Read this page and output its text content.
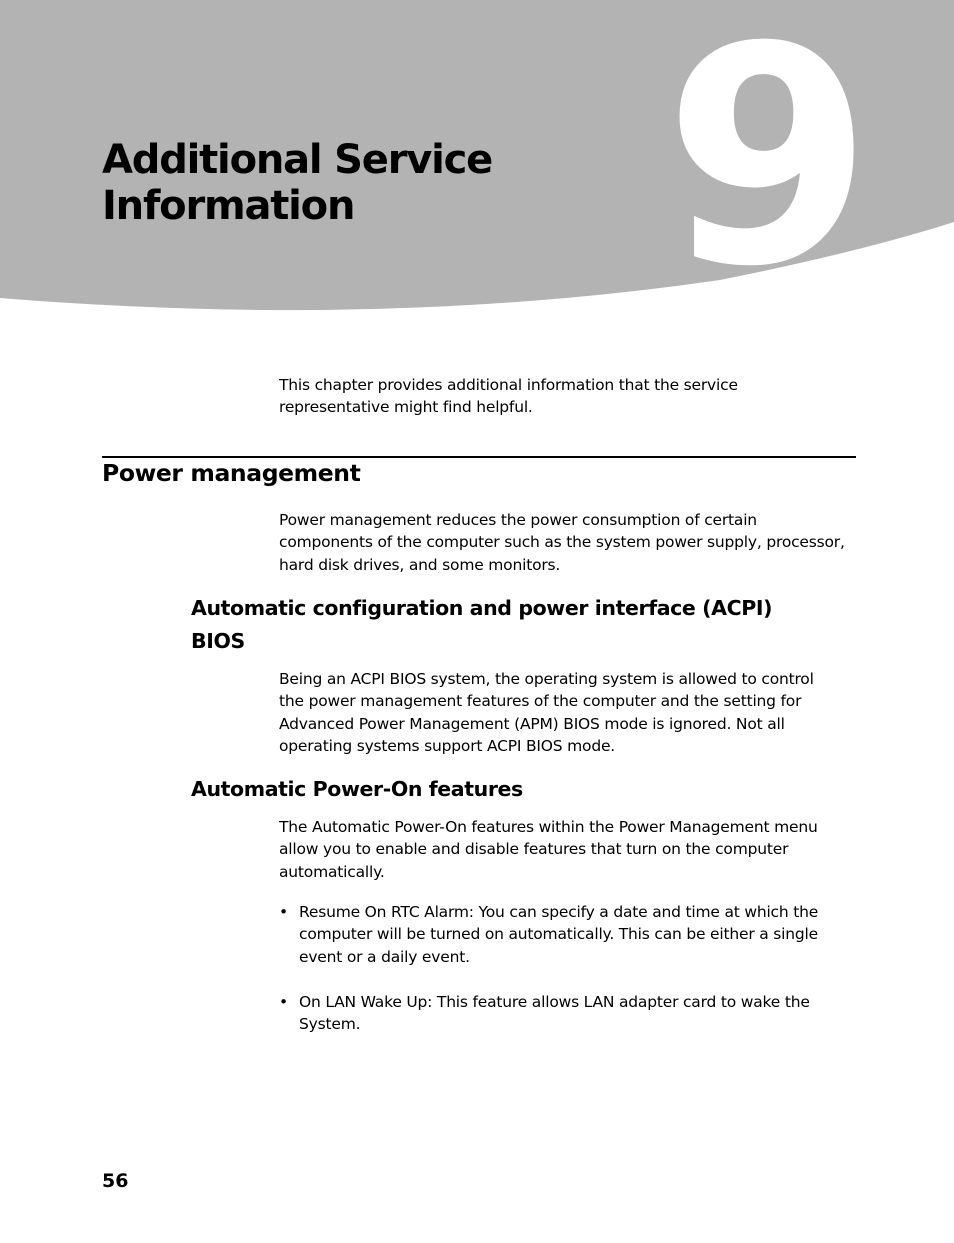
9
Additional Service
Information

This chapter provides additional information that the service
representative might find helpful.

Power management

Power management reduces the power consumption of certain
components of the computer such as the system power supply, processor,
hard disk drives, and some monitors.

Automatic configuration and power interface (ACPI)
BIOS

Being an ACPI BIOS system, the operating system is allowed to control
the power management features of the computer and the setting for
Advanced Power Management (APM) BIOS mode is ignored. Not all
operating systems support ACPI BIOS mode.

Automatic Power-On features

The Automatic Power-On features within the Power Management menu
allow you to enable and disable features that turn on the computer
automatically.

• Resume On RTC Alarm: You can specify a date and time at which the
computer will be turned on automatically. This can be either a single
event or a daily event.
• On LAN Wake Up: This feature allows LAN adapter card to wake the
System.
56
